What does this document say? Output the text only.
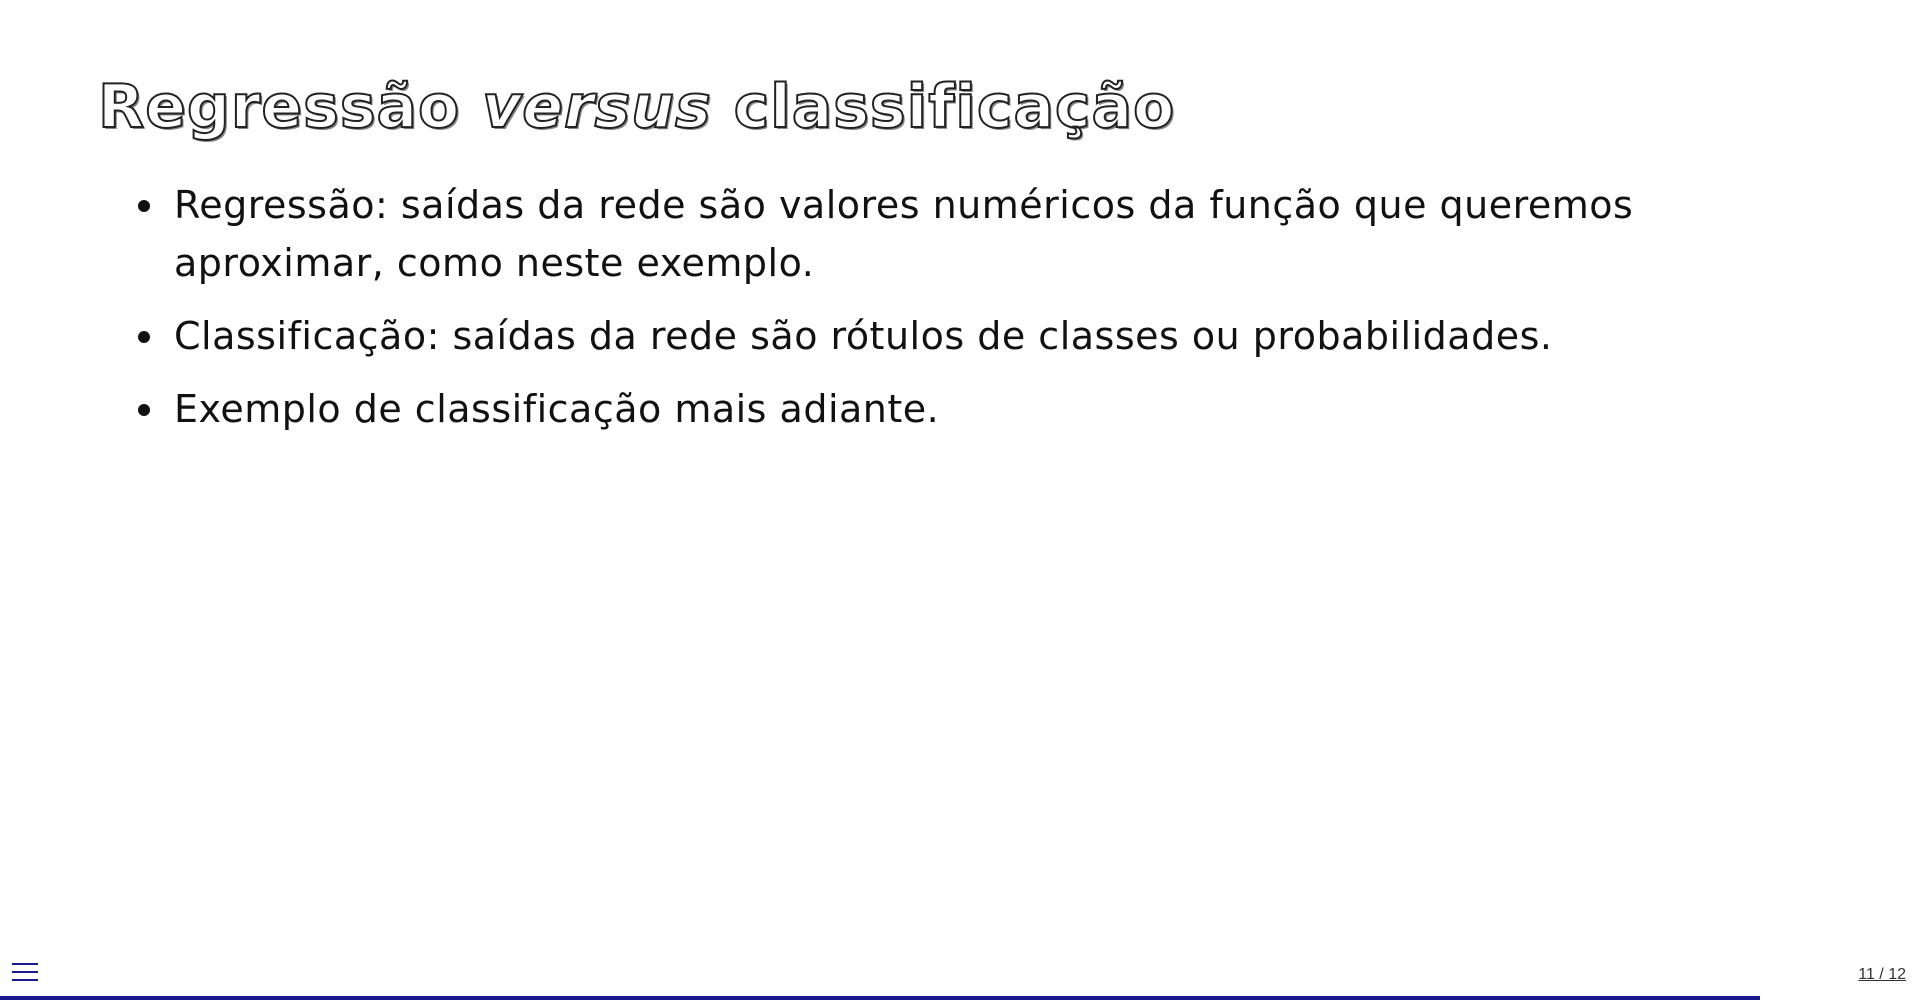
Regressão versus classificação
Regressão: saídas da rede são valores numéricos da função que queremos aproximar, como neste exemplo.
Classificação: saídas da rede são rótulos de classes ou probabilidades.
Exemplo de classificação mais adiante.
11 / 12
